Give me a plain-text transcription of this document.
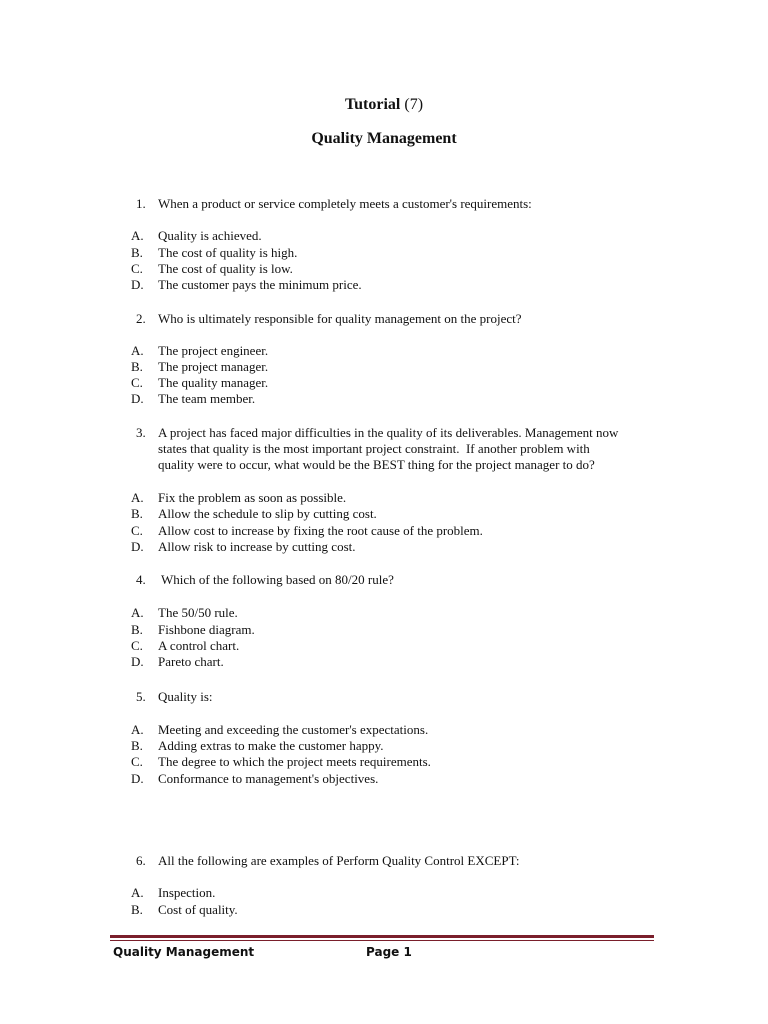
Tutorial (7)
Quality Management
1. When a product or service completely meets a customer's requirements:
A. Quality is achieved.
B. The cost of quality is high.
C. The cost of quality is low.
D. The customer pays the minimum price.
2. Who is ultimately responsible for quality management on the project?
A. The project engineer.
B. The project manager.
C. The quality manager.
D. The team member.
3. A project has faced major difficulties in the quality of its deliverables. Management now
states that quality is the most important project constraint.  If another problem with
quality were to occur, what would be the BEST thing for the project manager to do?
A. Fix the problem as soon as possible.
B. Allow the schedule to slip by cutting cost.
C. Allow cost to increase by fixing the root cause of the problem.
D. Allow risk to increase by cutting cost.
4. Which of the following based on 80/20 rule?
A. The 50/50 rule.
B. Fishbone diagram.
C. A control chart.
D. Pareto chart.
5. Quality is:
A. Meeting and exceeding the customer's expectations.
B. Adding extras to make the customer happy.
C. The degree to which the project meets requirements.
D. Conformance to management's objectives.
6. All the following are examples of Perform Quality Control EXCEPT:
A. Inspection.
B. Cost of quality.
Quality Management	Page 1
